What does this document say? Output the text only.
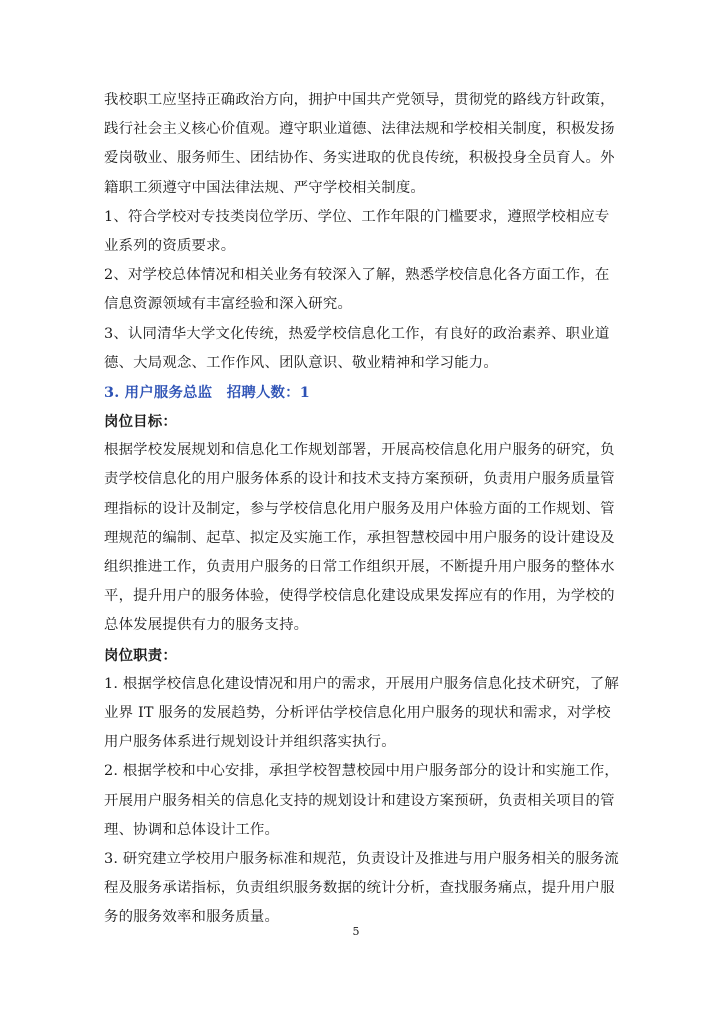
我校职工应坚持正确政治方向，拥护中国共产党领导，贯彻党的路线方针政策，
践行社会主义核心价值观。遵守职业道德、法律法规和学校相关制度，积极发扬
爱岗敬业、服务师生、团结协作、务实进取的优良传统，积极投身全员育人。外
籍职工须遵守中国法律法规、严守学校相关制度。
1、符合学校对专技类岗位学历、学位、工作年限的门槛要求，遵照学校相应专
业系列的资质要求。
2、对学校总体情况和相关业务有较深入了解，熟悉学校信息化各方面工作，在
信息资源领域有丰富经验和深入研究。
3、认同清华大学文化传统，热爱学校信息化工作，有良好的政治素养、职业道
德、大局观念、工作作风、团队意识、敬业精神和学习能力。
3. 用户服务总监　招聘人数：1
岗位目标：
根据学校发展规划和信息化工作规划部署，开展高校信息化用户服务的研究，负
责学校信息化的用户服务体系的设计和技术支持方案预研，负责用户服务质量管
理指标的设计及制定，参与学校信息化用户服务及用户体验方面的工作规划、管
理规范的编制、起草、拟定及实施工作，承担智慧校园中用户服务的设计建设及
组织推进工作，负责用户服务的日常工作组织开展，不断提升用户服务的整体水
平，提升用户的服务体验，使得学校信息化建设成果发挥应有的作用，为学校的
总体发展提供有力的服务支持。
岗位职责：
1. 根据学校信息化建设情况和用户的需求，开展用户服务信息化技术研究，了解
业界 IT 服务的发展趋势，分析评估学校信息化用户服务的现状和需求，对学校
用户服务体系进行规划设计并组织落实执行。
2. 根据学校和中心安排，承担学校智慧校园中用户服务部分的设计和实施工作，
开展用户服务相关的信息化支持的规划设计和建设方案预研，负责相关项目的管
理、协调和总体设计工作。
3. 研究建立学校用户服务标准和规范，负责设计及推进与用户服务相关的服务流
程及服务承诺指标，负责组织服务数据的统计分析，查找服务痛点，提升用户服
务的服务效率和服务质量。
5
